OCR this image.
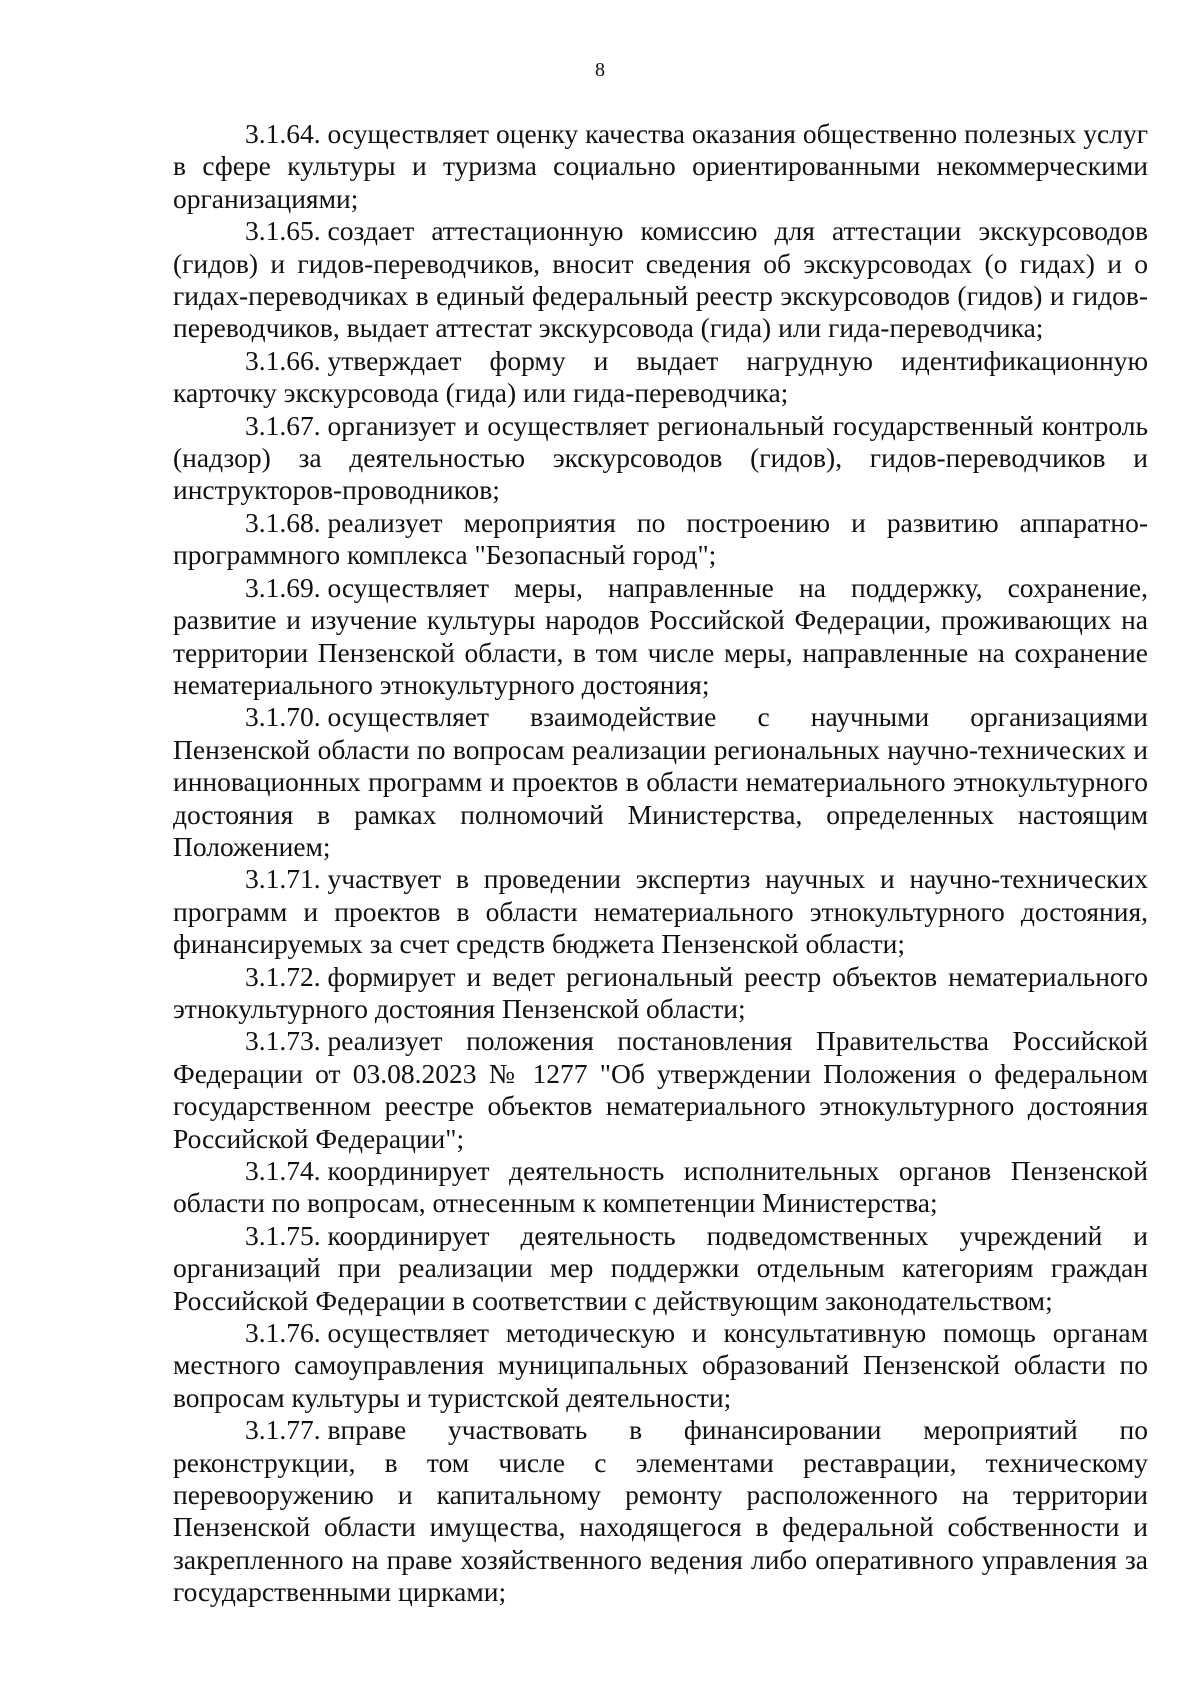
8

3.1.64. осуществляет оценку качества оказания общественно полезных услуг в сфере культуры и туризма социально ориентированными некоммерческими организациями;

3.1.65. создает аттестационную комиссию для аттестации экскурсоводов (гидов) и гидов-переводчиков, вносит сведения об экскурсоводах (о гидах) и о гидах-переводчиках в единый федеральный реестр экскурсоводов (гидов) и гидов-переводчиков, выдает аттестат экскурсовода (гида) или гида-переводчика;

3.1.66. утверждает форму и выдает нагрудную идентификационную карточку экскурсовода (гида) или гида-переводчика;

3.1.67. организует и осуществляет региональный государственный контроль (надзор) за деятельностью экскурсоводов (гидов), гидов-переводчиков и инструкторов-проводников;

3.1.68. реализует мероприятия по построению и развитию аппаратно-программного комплекса "Безопасный город";

3.1.69. осуществляет меры, направленные на поддержку, сохранение, развитие и изучение культуры народов Российской Федерации, проживающих на территории Пензенской области, в том числе меры, направленные на сохранение нематериального этнокультурного достояния;

3.1.70. осуществляет взаимодействие с научными организациями Пензенской области по вопросам реализации региональных научно-технических и инновационных программ и проектов в области нематериального этнокультурного достояния в рамках полномочий Министерства, определенных настоящим Положением;

3.1.71. участвует в проведении экспертиз научных и научно-технических программ и проектов в области нематериального этнокультурного достояния, финансируемых за счет средств бюджета Пензенской области;

3.1.72. формирует и ведет региональный реестр объектов нематериального этнокультурного достояния Пензенской области;

3.1.73. реализует положения постановления Правительства Российской Федерации от 03.08.2023 № 1277 "Об утверждении Положения о федеральном государственном реестре объектов нематериального этнокультурного достояния Российской Федерации";

3.1.74. координирует деятельность исполнительных органов Пензенской области по вопросам, отнесенным к компетенции Министерства;

3.1.75. координирует деятельность подведомственных учреждений и организаций при реализации мер поддержки отдельным категориям граждан Российской Федерации в соответствии с действующим законодательством;

3.1.76. осуществляет методическую и консультативную помощь органам местного самоуправления муниципальных образований Пензенской области по вопросам культуры и туристской деятельности;

3.1.77. вправе участвовать в финансировании мероприятий по реконструкции, в том числе с элементами реставрации, техническому перевооружению и капитальному ремонту расположенного на территории Пензенской области имущества, находящегося в федеральной собственности и закрепленного на праве хозяйственного ведения либо оперативного управления за государственными цирками;
